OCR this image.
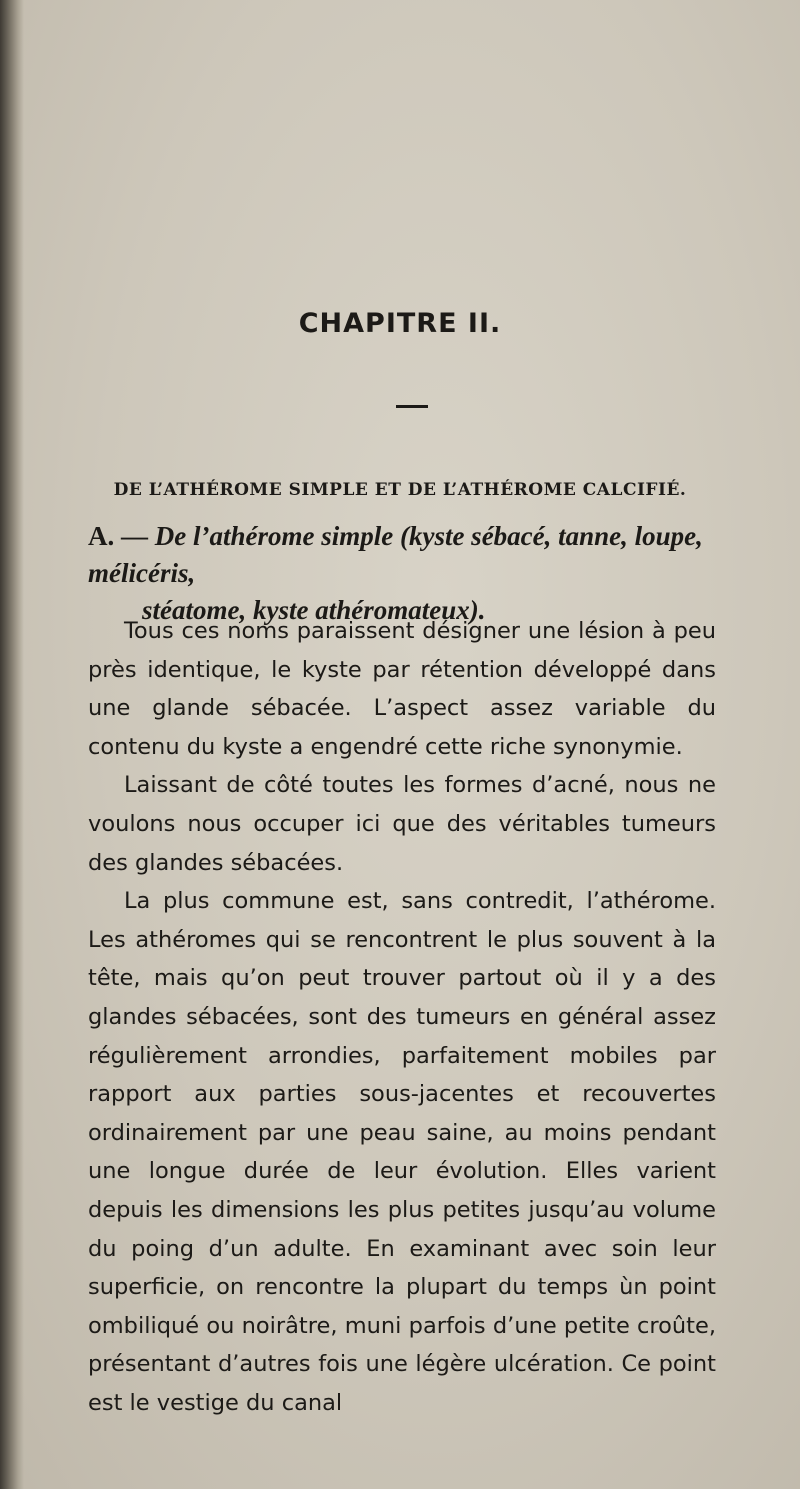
CHAPITRE II.
DE L’ATHÉROME SIMPLE ET DE L’ATHÉROME CALCIFIÉ.
A. — De l’athérome simple (kyste sébacé, tanne, loupe, mélicéris,
stéatome, kyste athéromateux).

Tous ces noms paraissent désigner une lésion à peu près identique, le kyste par rétention développé dans une glande sébacée. L’aspect assez variable du contenu du kyste a engendré cette riche synonymie.

Laissant de côté toutes les formes d’acné, nous ne voulons nous occuper ici que des véritables tumeurs des glandes sébacées.

La plus commune est, sans contredit, l’athérome. Les athéromes qui se rencontrent le plus souvent à la tête, mais qu’on peut trouver partout où il y a des glandes sébacées, sont des tumeurs en général assez régulièrement arrondies, parfaitement mobiles par rapport aux parties sous-jacentes et recouvertes ordinairement par une peau saine, au moins pendant une longue durée de leur évolution. Elles varient depuis les dimensions les plus petites jusqu’au volume du poing d’un adulte. En examinant avec soin leur superficie, on rencontre la plupart du temps ùn point ombiliqué ou noirâtre, muni parfois d’une petite croûte, présentant d’autres fois une légère ulcération. Ce point est le vestige du canal
